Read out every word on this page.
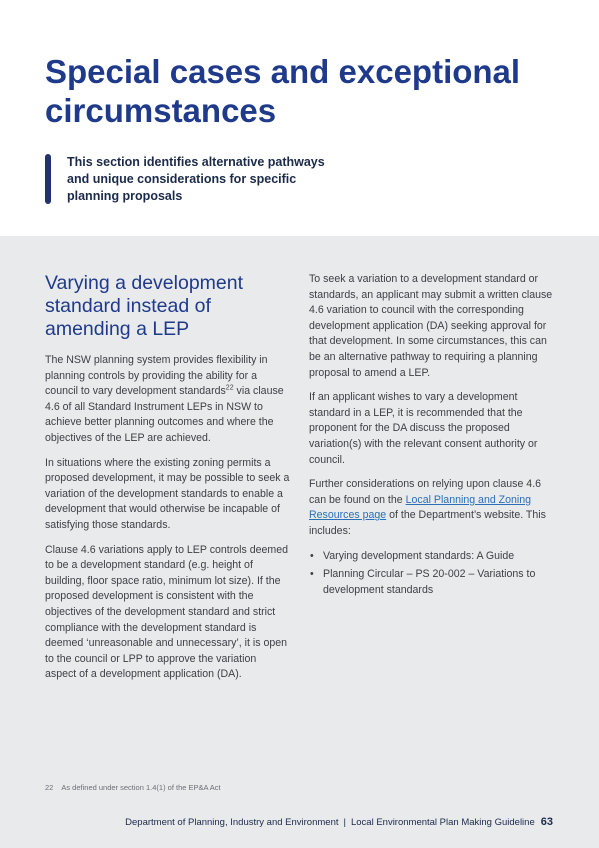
Special cases and exceptional circumstances
This section identifies alternative pathways and unique considerations for specific planning proposals
Varying a development standard instead of amending a LEP

The NSW planning system provides flexibility in planning controls by providing the ability for a council to vary development standards$^{22}$ via clause 4.6 of all Standard Instrument LEPs in NSW to achieve better planning outcomes and where the objectives of the LEP are achieved.

In situations where the existing zoning permits a proposed development, it may be possible to seek a variation of the development standards to enable a development that would otherwise be incapable of satisfying those standards.

Clause 4.6 variations apply to LEP controls deemed to be a development standard (e.g. height of building, floor space ratio, minimum lot size). If the proposed development is consistent with the objectives of the development standard and strict compliance with the development standard is deemed ‘unreasonable and unnecessary’, it is open to the council or LPP to approve the variation aspect of a development application (DA).

To seek a variation to a development standard or standards, an applicant may submit a written clause 4.6 variation to council with the corresponding development application (DA) seeking approval for that development. In some circumstances, this can be an alternative pathway to requiring a planning proposal to amend a LEP.

If an applicant wishes to vary a development standard in a LEP, it is recommended that the proponent for the DA discuss the proposed variation(s) with the relevant consent authority or council.

Further considerations on relying upon clause 4.6 can be found on the Local Planning and Zoning Resources page of the Department’s website. This includes:

• Varying development standards: A Guide
• Planning Circular – PS 20-002 – Variations to development standards
22 As defined under section 1.4(1) of the EP&A Act
Department of Planning, Industry and Environment | Local Environmental Plan Making Guideline 63
